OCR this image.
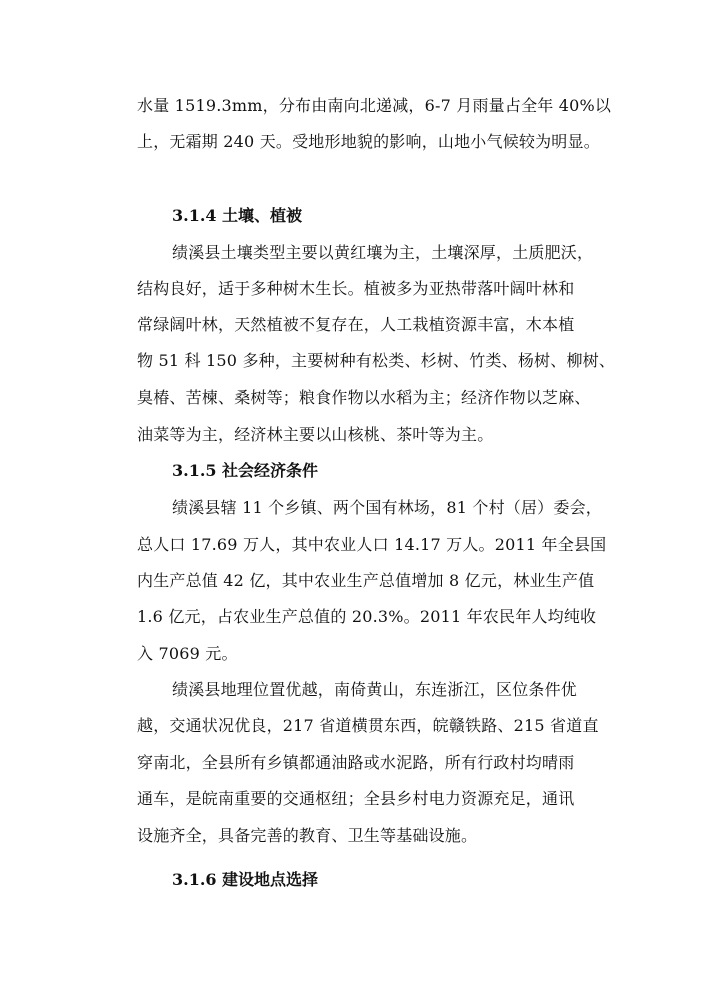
水量 1519.3mm，分布由南向北递减，6-7 月雨量占全年 40%以
上，无霜期 240 天。受地形地貌的影响，山地小气候较为明显。
3.1.4 土壤、植被
绩溪县土壤类型主要以黄红壤为主，土壤深厚，土质肥沃，
结构良好，适于多种树木生长。植被多为亚热带落叶阔叶林和
常绿阔叶林，天然植被不复存在，人工栽植资源丰富，木本植
物 51 科 150 多种，主要树种有松类、杉树、竹类、杨树、柳树、
臭椿、苦楝、桑树等；粮食作物以水稻为主；经济作物以芝麻、
油菜等为主，经济林主要以山核桃、茶叶等为主。
3.1.5 社会经济条件
绩溪县辖 11 个乡镇、两个国有林场，81 个村（居）委会，
总人口 17.69 万人，其中农业人口 14.17 万人。2011 年全县国
内生产总值 42 亿，其中农业生产总值增加 8 亿元，林业生产值
1.6 亿元，占农业生产总值的 20.3%。2011 年农民年人均纯收
入 7069 元。
绩溪县地理位置优越，南倚黄山，东连浙江，区位条件优
越，交通状况优良，217 省道横贯东西，皖赣铁路、215 省道直
穿南北，全县所有乡镇都通油路或水泥路，所有行政村均晴雨
通车，是皖南重要的交通枢纽；全县乡村电力资源充足，通讯
设施齐全，具备完善的教育、卫生等基础设施。
3.1.6 建设地点选择
